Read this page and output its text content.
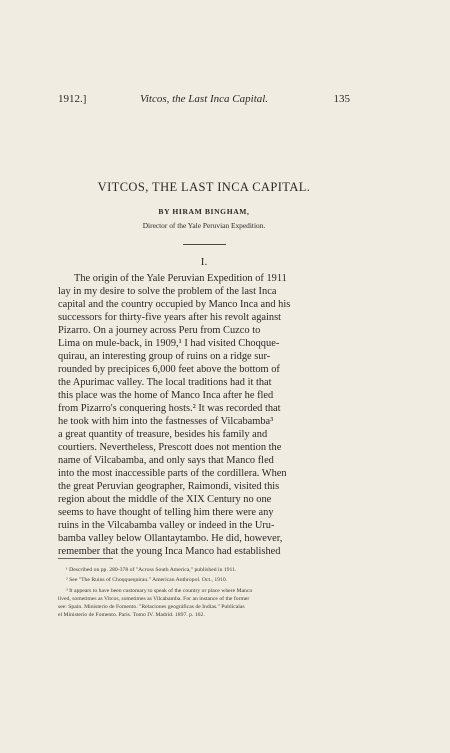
1912.]	Vitcos, the Last Inca Capital.	135
VITCOS, THE LAST INCA CAPITAL.
BY HIRAM BINGHAM,
Director of the Yale Peruvian Expedition.
I.
The origin of the Yale Peruvian Expedition of 1911
lay in my desire to solve the problem of the last Inca
capital and the country occupied by Manco Inca and his
successors for thirty-five years after his revolt against
Pizarro. On a journey across Peru from Cuzco to
Lima on mule-back, in 1909,¹ I had visited Choqque-
quirau, an interesting group of ruins on a ridge sur-
rounded by precipices 6,000 feet above the bottom of
the Apurimac valley. The local traditions had it that
this place was the home of Manco Inca after he fled
from Pizarro's conquering hosts.² It was recorded that
he took with him into the fastnesses of Vilcabamba³
a great quantity of treasure, besides his family and
courtiers. Nevertheless, Prescott does not mention the
name of Vilcabamba, and only says that Manco fled
into the most inaccessible parts of the cordillera. When
the great Peruvian geographer, Raimondi, visited this
region about the middle of the XIX Century no one
seems to have thought of telling him there were any
ruins in the Vilcabamba valley or indeed in the Uru-
bamba valley below Ollantaytambo. He did, however,
remember that the young Inca Manco had established
¹ Described on pp. 280-378 of "Across South America," published in 1911.
² See "The Ruins of Choqquequirau." American Anthropol. Oct., 1910.
³ It appears to have been customary to speak of the country or place where Manco
lived, sometimes as Vitcos, sometimes as Vilcabamba. For an instance of the former
see: Spain. Ministerio de Fomento. "Relaciones geográficas de Indias." Publícalas
el Ministerio de Fomento. Paris. Tomo IV. Madrid. 1897. p. 162.
